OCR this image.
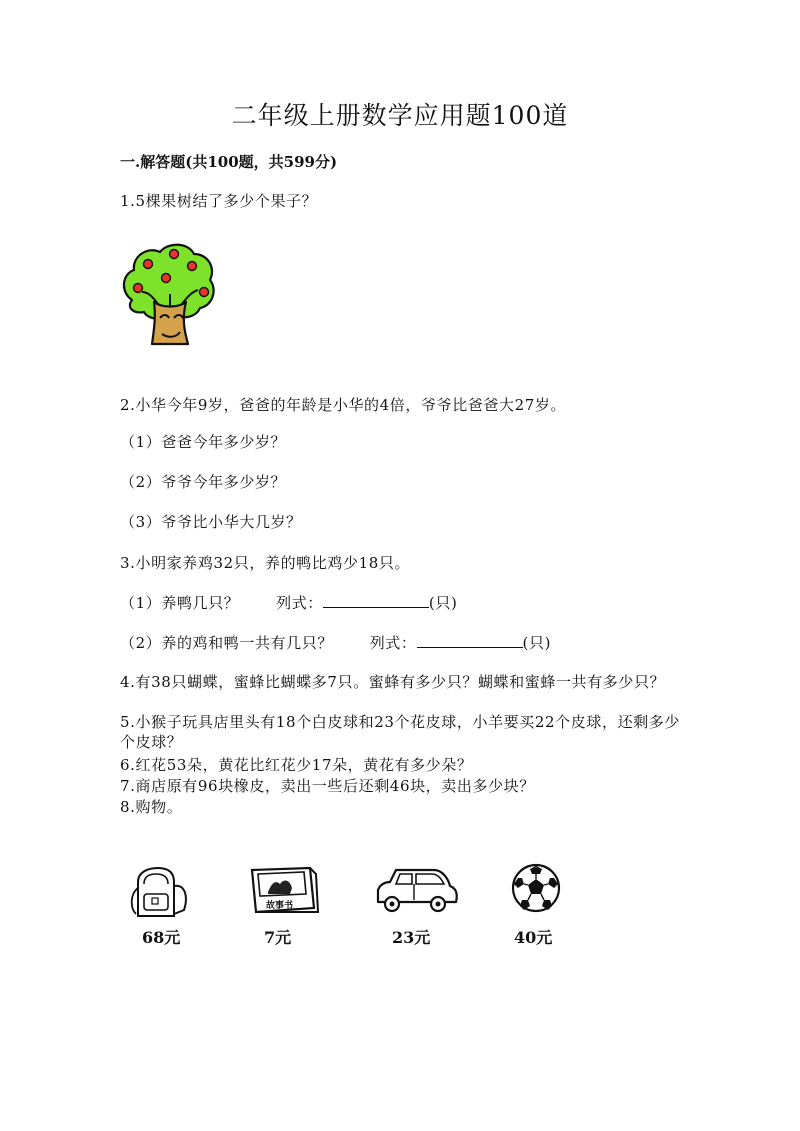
二年级上册数学应用题100道
一.解答题(共100题，共599分)
1.5棵果树结了多少个果子？
2.小华今年9岁，爸爸的年龄是小华的4倍，爷爷比爸爸大27岁。
（1）爸爸今年多少岁？
（2）爷爷今年多少岁？
（3）爷爷比小华大几岁？
3.小明家养鸡32只，养的鸭比鸡少18只。
（1）养鸭几只？ 列式：	(只)
（2）养的鸡和鸭一共有几只？ 列式：	(只)
4.有38只蝴蝶，蜜蜂比蝴蝶多7只。蜜蜂有多少只？蝴蝶和蜜蜂一共有多少只？
5.小猴子玩具店里头有18个白皮球和23个花皮球，小羊要买22个皮球，还剩多少个皮球？
6.红花53朵，黄花比红花少17朵，黄花有多少朵？
7.商店原有96块橡皮，卖出一些后还剩46块，卖出多少块？
8.购物。
68元
故事书
7元	23元	40元
